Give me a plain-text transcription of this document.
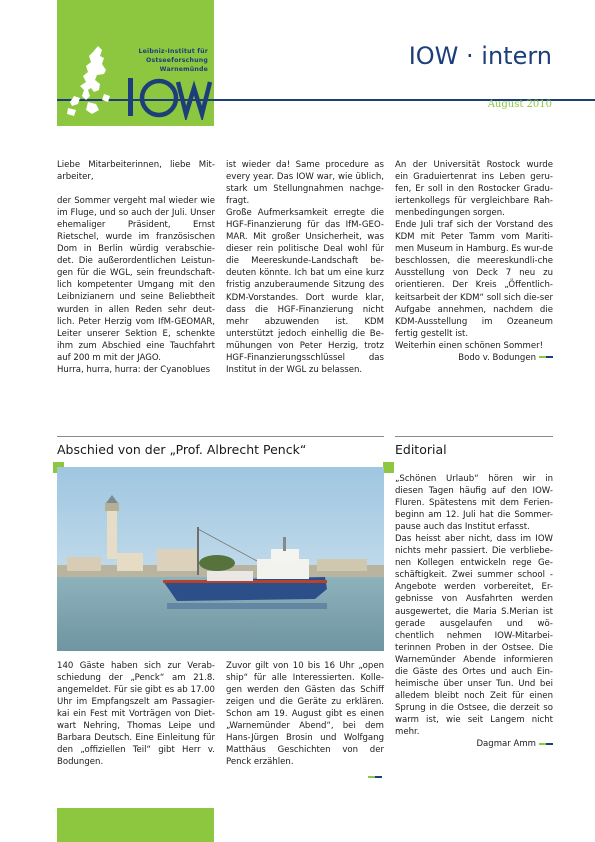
Leibniz-Institut für
Ostseeforschung
Warnemünde	IOW · intern
August 2010

Liebe Mitarbeiterinnen, liebe Mit-arbeiter,

der Sommer vergeht mal wieder wie im Fluge, und so auch der Juli. Unser ehemaliger Präsident, Ernst Rietschel, wurde im französischen Dom in Berlin würdig verabschie-det. Die außerordentlichen Leistun-gen für die WGL, sein freundschaft-lich kompetenter Umgang mit den Leibnizianern und seine Beliebtheit wurden in allen Reden sehr deut-lich. Peter Herzig vom IfM-GEOMAR, Leiter unserer Sektion E, schenkte ihm zum Abschied eine Tauchfahrt auf 200 m mit der JAGO.

Hurra, hurra, hurra: der Cyanoblues

ist wieder da! Same procedure as every year. Das IOW war, wie üblich, stark um Stellungnahmen nachge-fragt.

Große Aufmerksamkeit erregte die HGF-Finanzierung für das IfM-GEO-MAR. Mit großer Unsicherheit, was dieser rein politische Deal wohl für die Meereskunde-Landschaft be-deuten könnte. Ich bat um eine kurz fristig anzuberaumende Sitzung des KDM-Vorstandes. Dort wurde klar, dass die HGF-Finanzierung nicht mehr abzuwenden ist. KDM unterstützt jedoch einhellig die Be-mühungen von Peter Herzig, trotz HGF-Finanzierungsschlüssel das Institut in der WGL zu belassen.

An der Universität Rostock wurde ein Graduiertenrat ins Leben geru-fen, Er soll in den Rostocker Gradu-iertenkollegs für vergleichbare Rah-menbedingungen sorgen.

Ende Juli traf sich der Vorstand des KDM mit Peter Tamm vom Mariti-men Museum in Hamburg. Es wur-de beschlossen, die meereskundli-che Ausstellung von Deck 7 neu zu orientieren. Der Kreis „Öffentlich-keitsarbeit der KDM“ soll sich die-ser Aufgabe annehmen, nachdem die KDM-Ausstellung im Ozeaneum fertig gestellt ist.

Weiterhin einen schönen Sommer!

Bodo v. Bodungen

Abschied von der „Prof. Albrecht Penck“	Editorial

140 Gäste haben sich zur Verab-schiedung der „Penck“ am 21.8. angemeldet. Für sie gibt es ab 17.00 Uhr im Empfangszelt am Passagier-kai ein Fest mit Vorträgen von Diet-wart Nehring, Thomas Leipe und Barbara Deutsch. Eine Einleitung für den „offiziellen Teil“ gibt Herr v. Bodungen.

Zuvor gilt von 10 bis 16 Uhr „open ship“ für alle Interessierten. Kolle-gen werden den Gästen das Schiff zeigen und die Geräte zu erklären. Schon am 19. August gibt es einen „Warnemünder Abend“, bei dem Hans-Jürgen Brosin und Wolfgang Matthäus Geschichten von der Penck erzählen.

„Schönen Urlaub“ hören wir in diesen Tagen häufig auf den IOW-Fluren. Spätestens mit dem Ferien-beginn am 12. Juli hat die Sommer-pause auch das Institut erfasst.

Das heisst aber nicht, dass im IOW nichts mehr passiert. Die verbliebe-nen Kollegen entwickeln rege Ge-schäftigkeit. Zwei summer school -Angebote werden vorbereitet, Er-gebnisse von Ausfahrten werden ausgewertet, die Maria S.Merian ist gerade ausgelaufen und wö-chentlich nehmen IOW-Mitarbei-terinnen Proben in der Ostsee. Die Warnemünder Abende informieren die Gäste des Ortes und auch Ein-heimische über unser Tun. Und bei alledem bleibt noch Zeit für einen Sprung in die Ostsee, die derzeit so warm ist, wie seit Langem nicht mehr.

Dagmar Amm
